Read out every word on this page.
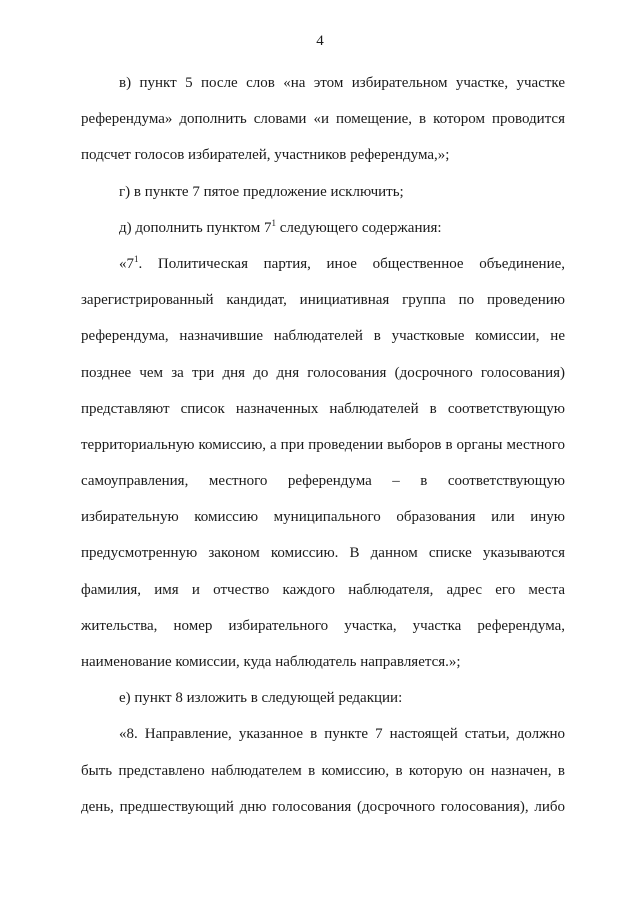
4
в) пункт 5 после слов «на этом избирательном участке, участке
референдума» дополнить словами «и помещение, в котором проводится
подсчет голосов избирателей, участников референдума,»;
г) в пункте 7 пятое предложение исключить;
д) дополнить пунктом $7^1$ следующего содержания:
«$7^1$. Политическая партия, иное общественное объединение,
зарегистрированный кандидат, инициативная группа по проведению
референдума, назначившие наблюдателей в участковые комиссии, не
позднее чем за три дня до дня голосования (досрочного голосования)
представляют список назначенных наблюдателей в соответствующую
территориальную комиссию, а при проведении выборов в органы местного
самоуправления, местного референдума – в соответствующую
избирательную комиссию муниципального образования или иную
предусмотренную законом комиссию. В данном списке указываются
фамилия, имя и отчество каждого наблюдателя, адрес его места
жительства, номер избирательного участка, участка референдума,
наименование комиссии, куда наблюдатель направляется.»;
е) пункт 8 изложить в следующей редакции:
«8. Направление, указанное в пункте 7 настоящей статьи, должно
быть представлено наблюдателем в комиссию, в которую он назначен, в
день, предшествующий дню голосования (досрочного голосования), либо
